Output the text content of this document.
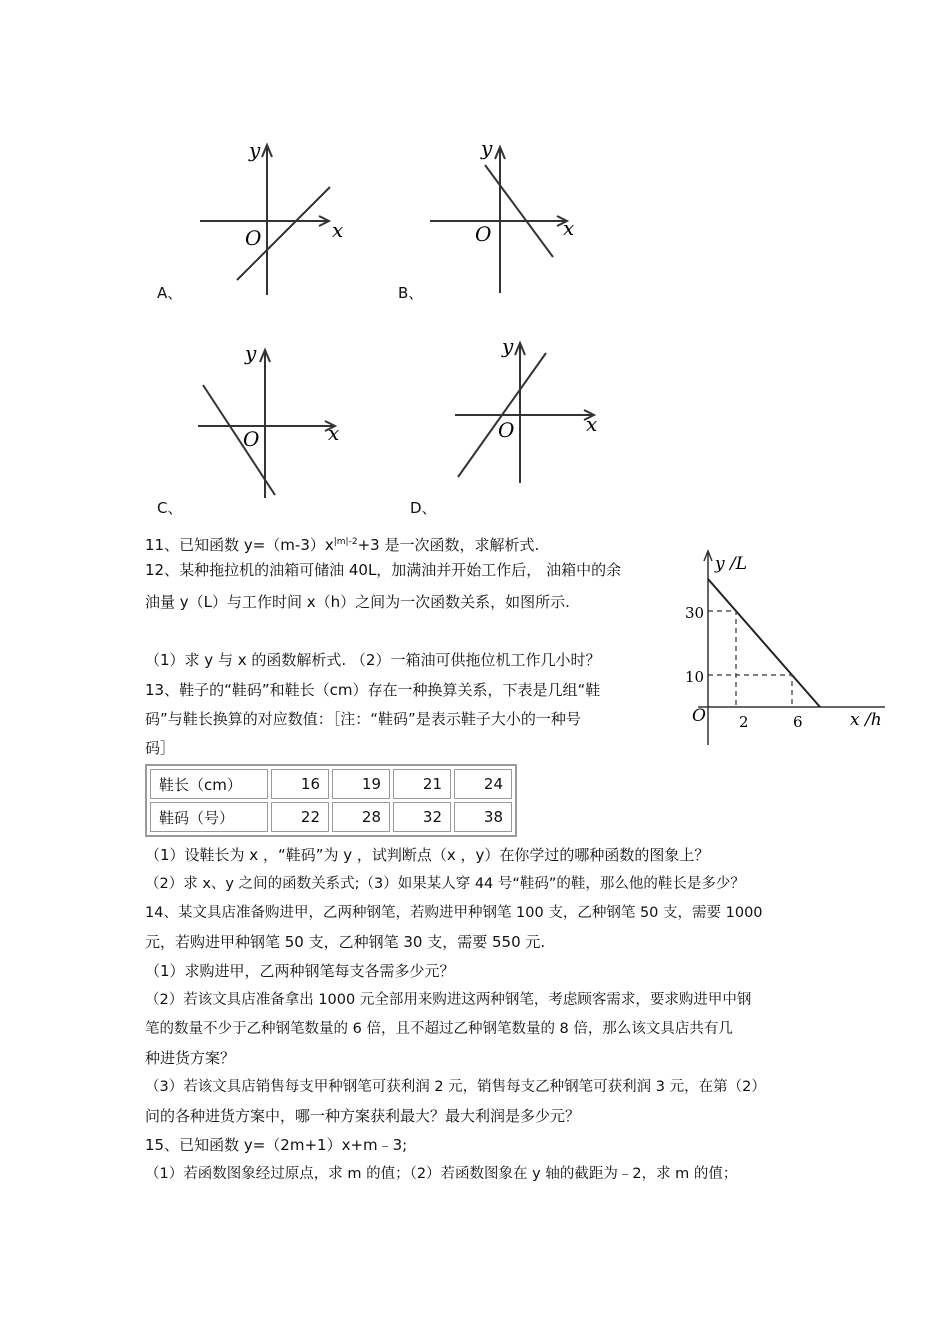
y
x
O
A、
y
x
O
B、
y
x
O
C、
y
x
O
D、
11、已知函数 $y=(m-3)x^{|m|-2}+3$ 是一次函数，求解析式.
12、某种拖拉机的油箱可储油 40L，加满油并开始工作后， 油箱中的余
油量 y（L）与工作时间 x（h）之间为一次函数关系，如图所示.
（1）求 y 与 x 的函数解析式. （2）一箱油可供拖位机工作几小时？
y /L
x /h
O
30
10
2	6
13、鞋子的“鞋码”和鞋长（cm）存在一种换算关系，下表是几组“鞋
码”与鞋长换算的对应数值：［注：“鞋码”是表示鞋子大小的一种号
码］
鞋长（cm）	16	19	21	24
鞋码（号）	22	28	32	38
（1）设鞋长为 x ，“鞋码”为 y ，试判断点（x ，y）在你学过的哪种函数的图象上？
（2）求 x、y 之间的函数关系式;（3）如果某人穿 44 号“鞋码”的鞋，那么他的鞋长是多少？
14、某文具店准备购进甲，乙两种钢笔，若购进甲种钢笔 100 支，乙种钢笔 50 支，需要 1000
元，若购进甲种钢笔 50 支，乙种钢笔 30 支，需要 550 元.
（1）求购进甲，乙两种钢笔每支各需多少元？
（2）若该文具店准备拿出 1000 元全部用来购进这两种钢笔，考虑顾客需求，要求购进甲中钢
笔的数量不少于乙种钢笔数量的 6 倍，且不超过乙种钢笔数量的 8 倍，那么该文具店共有几
种进货方案？
（3）若该文具店销售每支甲种钢笔可获利润 2 元，销售每支乙种钢笔可获利润 3 元，在第（2）
问的各种进货方案中，哪一种方案获利最大？最大利润是多少元？
15、已知函数 y=（2m+1）x+m﹣3;
（1）若函数图象经过原点，求 m 的值；（2）若函数图象在 y 轴的截距为﹣2，求 m 的值；
